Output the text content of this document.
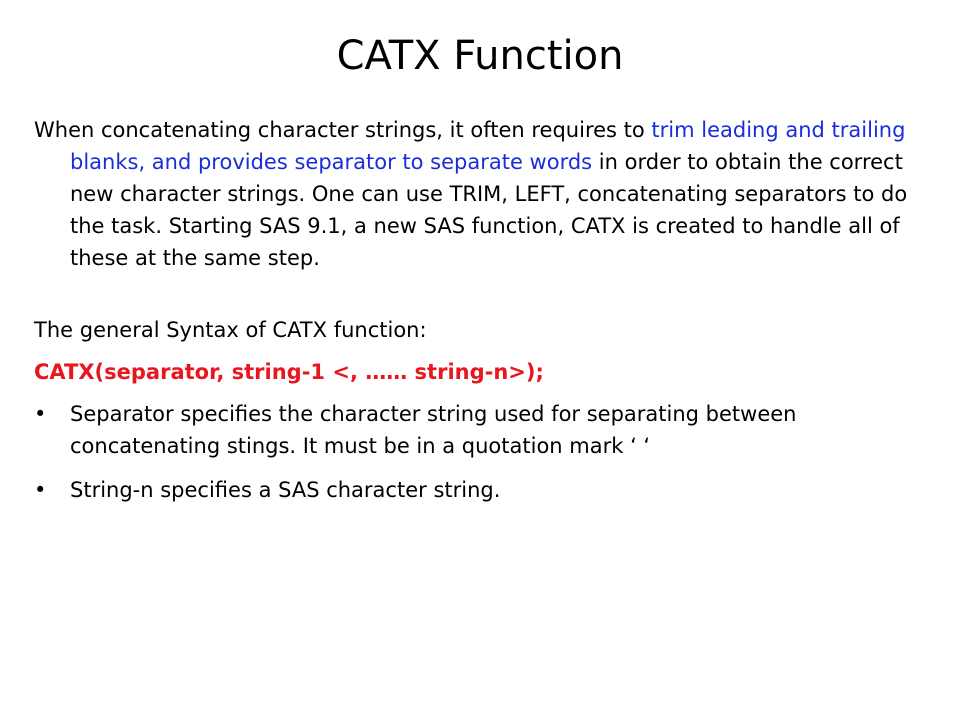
CATX Function

When concatenating character strings, it often requires to trim leading and trailing blanks, and provides separator to separate words in order to obtain the correct new character strings. One can use TRIM, LEFT, concatenating separators to do the task. Starting SAS 9.1, a new SAS function, CATX is created to handle all of these at the same step.

The general Syntax of CATX function:

CATX(separator, string-1 <, …… string-n>);

•	Separator specifies the character string used for separating between concatenating stings. It must be in a quotation mark ‘ ‘
•	String-n specifies a SAS character string.
